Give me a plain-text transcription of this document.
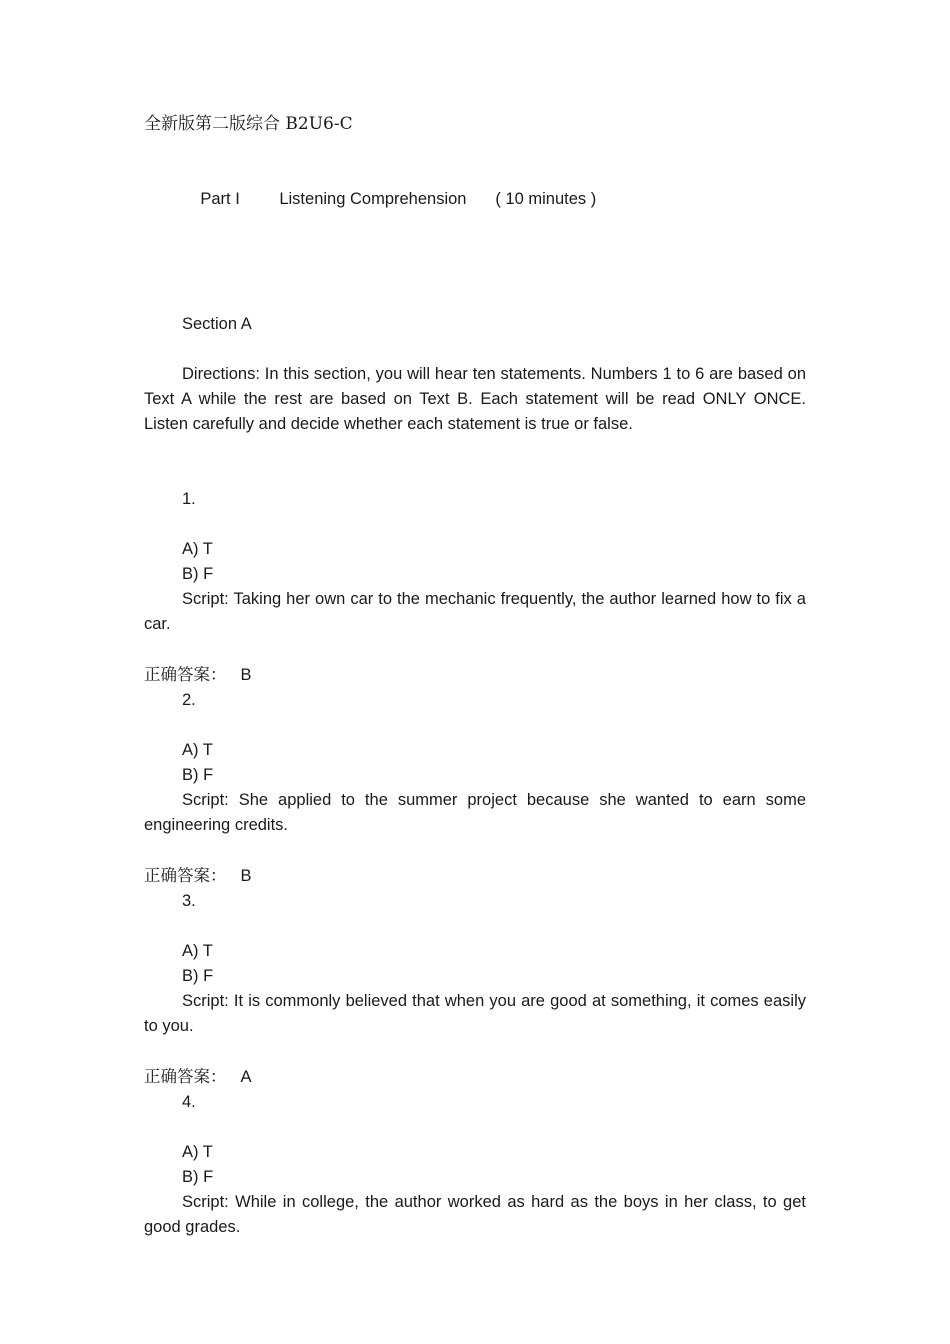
全新版第二版综合 B2U6-C

Part I Listening Comprehension ( 10 minutes )

Section A

Directions: In this section, you will hear ten statements. Numbers 1 to 6 are based on Text A while the rest are based on Text B. Each statement will be read ONLY ONCE. Listen carefully and decide whether each statement is true or false.

1.

A) T

B) F

Script: Taking her own car to the mechanic frequently, the author learned how to fix a car.

正确答案： B

2.

A) T

B) F

Script: She applied to the summer project because she wanted to earn some engineering credits.

正确答案： B

3.

A) T

B) F

Script: It is commonly believed that when you are good at something, it comes easily to you.

正确答案： A

4.

A) T

B) F

Script: While in college, the author worked as hard as the boys in her class, to get good grades.
